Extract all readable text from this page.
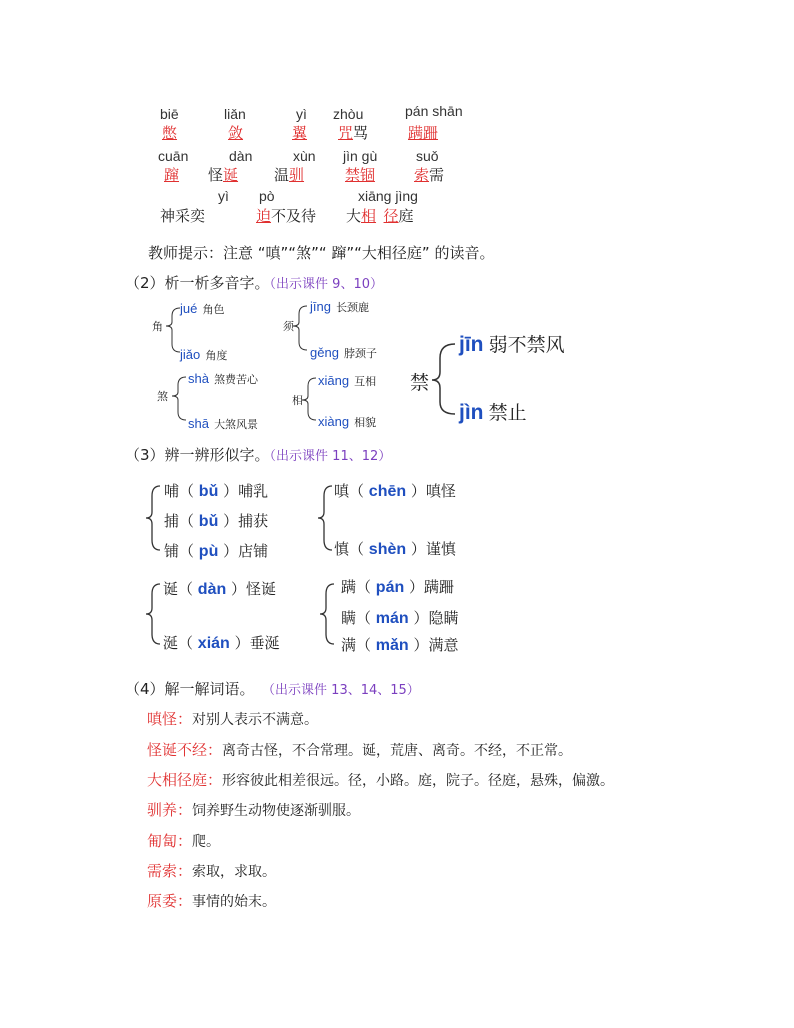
biē
憋
liǎn
敛
yì
翼
zhòu
咒骂
pán shān
蹒跚
cuān
蹿
dàn
怪诞
xùn
温驯
jìn gù
禁锢
suǒ
索需
yì
神采奕
pò
迫不及待
xiāng jìng
大相  径庭
教师提示：注意 “嗔”“煞”“ 蹿”“大相径庭” 的读音。
（2）析一析多音字。（出示课件 9、10）
角
jué 角色
jiǎo 角度
须
jīng 长颈鹿
gěng 脖颈子
煞
shà 煞费苦心
shā 大煞风景
相
xiāng 互相
xiàng 相貌
禁
jīn 弱不禁风
jìn 禁止
（3）辨一辨形似字。（出示课件 11、12）
哺（ bǔ ）哺乳
捕（ bǔ ）捕获
铺（ pù ）店铺
嗔（ chēn ）嗔怪
慎（ shèn ）谨慎
诞（ dàn ）怪诞
涎（ xián ）垂涎
蹒（ pán ）蹒跚
瞒（ mán ）隐瞒
满（ mǎn ）满意
（4）解一解词语。 （出示课件 13、14、15）
嗔怪：对别人表示不满意。
怪诞不经：离奇古怪，不合常理。诞，荒唐、离奇。不经，不正常。
大相径庭：形容彼此相差很远。径，小路。庭，院子。径庭，悬殊，偏激。
驯养：饲养野生动物使逐渐驯服。
匍匐：爬。
需索：索取，求取。
原委：事情的始末。
